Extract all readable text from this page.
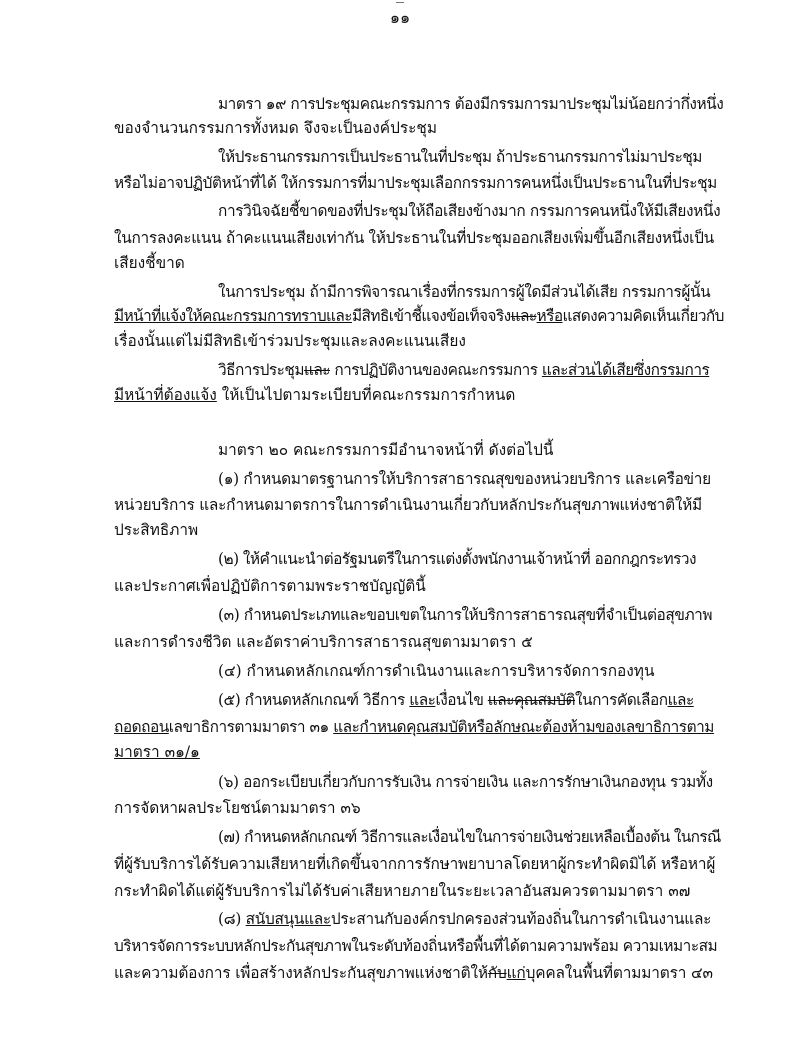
๑๑
มาตรา ๑๙ การประชุมคณะกรรมการ ต้องมีกรรมการมาประชุมไม่น้อยกว่ากึ่งหนึ่ง
ของจำนวนกรรมการทั้งหมด จึงจะเป็นองค์ประชุม
ให้ประธานกรรมการเป็นประธานในที่ประชุม ถ้าประธานกรรมการไม่มาประชุม
หรือไม่อาจปฏิบัติหน้าที่ได้ ให้กรรมการที่มาประชุมเลือกกรรมการคนหนึ่งเป็นประธานในที่ประชุม
การวินิจฉัยชี้ขาดของที่ประชุมให้ถือเสียงข้างมาก กรรมการคนหนึ่งให้มีเสียงหนึ่ง
ในการลงคะแนน ถ้าคะแนนเสียงเท่ากัน ให้ประธานในที่ประชุมออกเสียงเพิ่มขึ้นอีกเสียงหนึ่งเป็น
เสียงชี้ขาด
ในการประชุม ถ้ามีการพิจารณาเรื่องที่กรรมการผู้ใดมีส่วนได้เสีย กรรมการผู้นั้น
มีหน้าที่แจ้งให้คณะกรรมการทราบและมีสิทธิเข้าชี้แจงข้อเท็จจริงและหรือแสดงความคิดเห็นเกี่ยวกับ
เรื่องนั้นแต่ไม่มีสิทธิเข้าร่วมประชุมและลงคะแนนเสียง
วิธีการประชุมและ การปฏิบัติงานของคณะกรรมการ และส่วนได้เสียซึ่งกรรมการ
มีหน้าที่ต้องแจ้ง ให้เป็นไปตามระเบียบที่คณะกรรมการกำหนด
มาตรา ๒๐ คณะกรรมการมีอำนาจหน้าที่ ดังต่อไปนี้
(๑) กำหนดมาตรฐานการให้บริการสาธารณสุขของหน่วยบริการ และเครือข่าย
หน่วยบริการ และกำหนดมาตรการในการดำเนินงานเกี่ยวกับหลักประกันสุขภาพแห่งชาติให้มี
ประสิทธิภาพ
(๒) ให้คำแนะนำต่อรัฐมนตรีในการแต่งตั้งพนักงานเจ้าหน้าที่ ออกกฎกระทรวง
และประกาศเพื่อปฏิบัติการตามพระราชบัญญัตินี้
(๓) กำหนดประเภทและขอบเขตในการให้บริการสาธารณสุขที่จำเป็นต่อสุขภาพ
และการดำรงชีวิต และอัตราค่าบริการสาธารณสุขตามมาตรา ๕
(๔) กำหนดหลักเกณฑ์การดำเนินงานและการบริหารจัดการกองทุน
(๕) กำหนดหลักเกณฑ์ วิธีการ และเงื่อนไข และคุณสมบัติในการคัดเลือกและ
ถอดถอนเลขาธิการตามมาตรา ๓๑ และกำหนดคุณสมบัติหรือลักษณะต้องห้ามของเลขาธิการตาม
มาตรา ๓๑/๑
(๖) ออกระเบียบเกี่ยวกับการรับเงิน การจ่ายเงิน และการรักษาเงินกองทุน รวมทั้ง
การจัดหาผลประโยชน์ตามมาตรา ๓๖
(๗) กำหนดหลักเกณฑ์ วิธีการและเงื่อนไขในการจ่ายเงินช่วยเหลือเบื้องต้น ในกรณี
ที่ผู้รับบริการได้รับความเสียหายที่เกิดขึ้นจากการรักษาพยาบาลโดยหาผู้กระทำผิดมิได้ หรือหาผู้
กระทำผิดได้แต่ผู้รับบริการไม่ได้รับค่าเสียหายภายในระยะเวลาอันสมควรตามมาตรา ๓๗
(๘) สนับสนุนและประสานกับองค์กรปกครองส่วนท้องถิ่นในการดำเนินงานและ
บริหารจัดการระบบหลักประกันสุขภาพในระดับท้องถิ่นหรือพื้นที่ได้ตามความพร้อม ความเหมาะสม
และความต้องการ เพื่อสร้างหลักประกันสุขภาพแห่งชาติให้กับแก่บุคคลในพื้นที่ตามมาตรา ๔๓
